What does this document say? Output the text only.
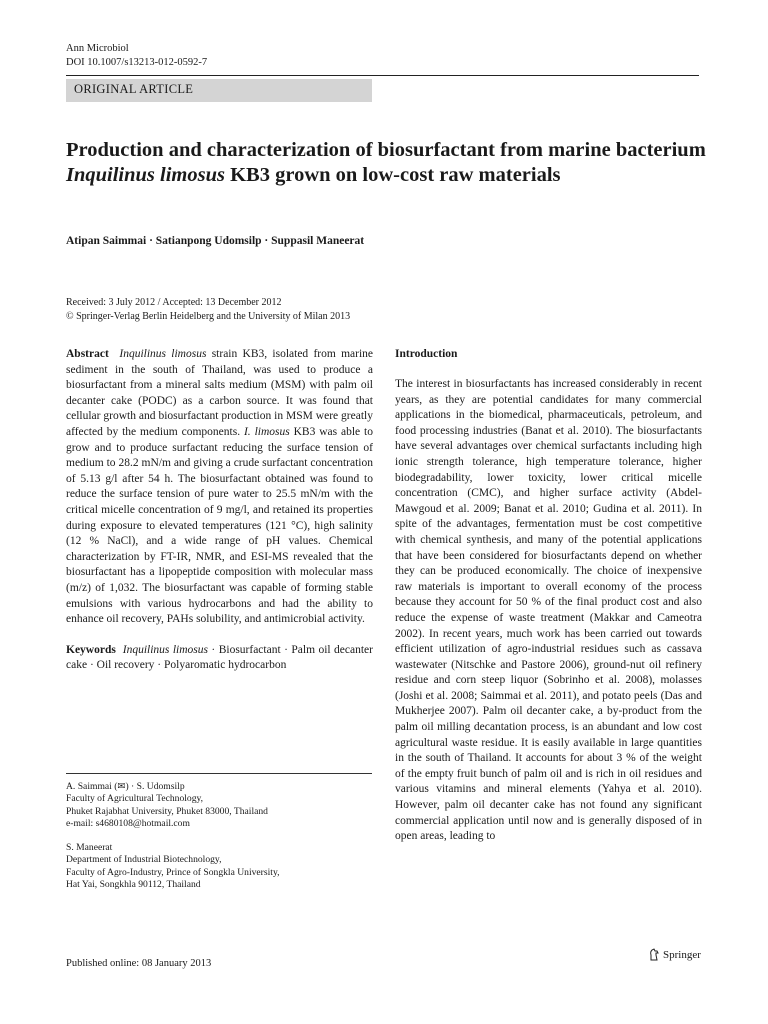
Ann Microbiol
DOI 10.1007/s13213-012-0592-7
ORIGINAL ARTICLE
Production and characterization of biosurfactant from marine bacterium Inquilinus limosus KB3 grown on low-cost raw materials
Atipan Saimmai · Satianpong Udomsilp · Suppasil Maneerat
Received: 3 July 2012 / Accepted: 13 December 2012
© Springer-Verlag Berlin Heidelberg and the University of Milan 2013

Abstract Inquilinus limosus strain KB3, isolated from marine sediment in the south of Thailand, was used to produce a biosurfactant from a mineral salts medium (MSM) with palm oil decanter cake (PODC) as a carbon source. It was found that cellular growth and biosurfactant production in MSM were greatly affected by the medium components. I. limosus KB3 was able to grow and to produce surfactant reducing the surface tension of medium to 28.2 mN/m and giving a crude surfactant concentration of 5.13 g/l after 54 h. The biosurfactant obtained was found to reduce the surface tension of pure water to 25.5 mN/m with the critical micelle concentration of 9 mg/l, and retained its properties during exposure to elevated temperatures (121 °C), high salinity (12 % NaCl), and a wide range of pH values. Chemical characterization by FT-IR, NMR, and ESI-MS revealed that the biosurfactant has a lipopeptide composition with molecular mass (m/z) of 1,032. The biosurfactant was capable of forming stable emulsions with various hydrocarbons and had the ability to enhance oil recovery, PAHs solubility, and antimicrobial activity.

Keywords Inquilinus limosus · Biosurfactant · Palm oil decanter cake · Oil recovery · Polyaromatic hydrocarbon

A. Saimmai (✉) · S. Udomsilp
Faculty of Agricultural Technology,
Phuket Rajabhat University, Phuket 83000, Thailand
e-mail: s4680108@hotmail.com
S. Maneerat
Department of Industrial Biotechnology,
Faculty of Agro-Industry, Prince of Songkla University,
Hat Yai, Songkhla 90112, Thailand
Introduction
The interest in biosurfactants has increased considerably in recent years, as they are potential candidates for many commercial applications in the biomedical, pharmaceuticals, petroleum, and food processing industries (Banat et al. 2010). The biosurfactants have several advantages over chemical surfactants including high ionic strength tolerance, high temperature tolerance, higher biodegradability, lower toxicity, lower critical micelle concentration (CMC), and higher surface activity (Abdel-Mawgoud et al. 2009; Banat et al. 2010; Gudina et al. 2011). In spite of the advantages, fermentation must be cost competitive with chemical synthesis, and many of the potential applications that have been considered for biosurfactants depend on whether they can be produced economically. The choice of inexpensive raw materials is important to overall economy of the process because they account for 50 % of the final product cost and also reduce the expense of waste treatment (Makkar and Cameotra 2002). In recent years, much work has been carried out towards efficient utilization of agro-industrial residues such as cassava wastewater (Nitschke and Pastore 2006), ground-nut oil refinery residue and corn steep liquor (Sobrinho et al. 2008), molasses (Joshi et al. 2008; Saimmai et al. 2011), and potato peels (Das and Mukherjee 2007). Palm oil decanter cake, a by-product from the palm oil milling decantation process, is an abundant and low cost agricultural waste residue. It is easily available in large quantities in the south of Thailand. It accounts for about 3 % of the weight of the empty fruit bunch of palm oil and is rich in oil residues and various vitamins and mineral elements (Yahya et al. 2010). However, palm oil decanter cake has not found any significant commercial application until now and is generally disposed of in open areas, leading to
Published online: 08 January 2013
Springer
